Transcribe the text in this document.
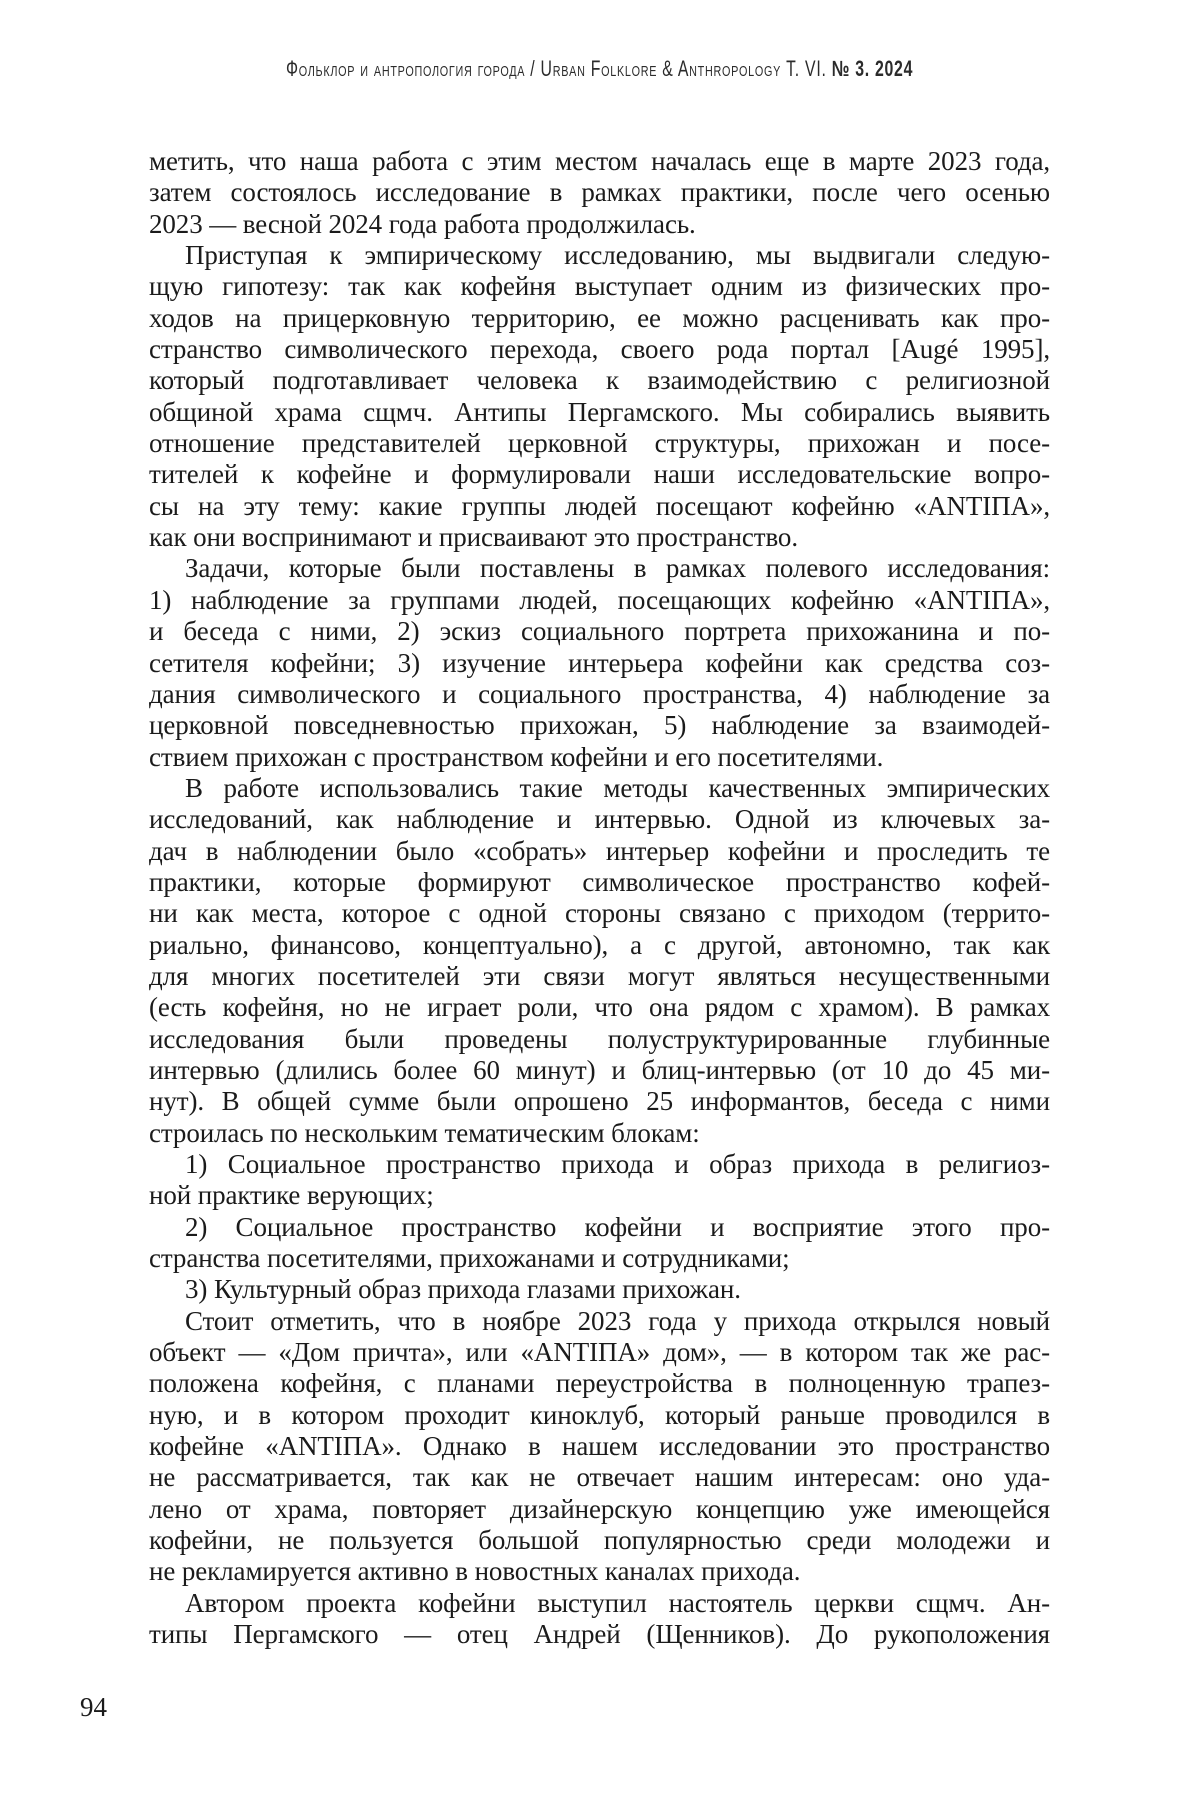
Фольклор и антропология города / Urban Folklore & Anthropology Т. VI. № 3. 2024
метить, что наша работа с этим местом началась еще в марте 2023 года,
затем состоялось исследование в рамках практики, после чего осенью
2023 — весной 2024 года работа продолжилась.
Приступая к эмпирическому исследованию, мы выдвигали следую-
щую гипотезу: так как кофейня выступает одним из физических про-
ходов на прицерковную территорию, ее можно расценивать как про-
странство символического перехода, своего рода портал [Augé 1995],
который подготавливает человека к взаимодействию с религиозной
общиной храма сщмч. Антипы Пергамского. Мы собирались выявить
отношение представителей церковной структуры, прихожан и посе-
тителей к кофейне и формулировали наши исследовательские вопро-
сы на эту тему: какие группы людей посещают кофейню «ANTIПА»,
как они воспринимают и присваивают это пространство.
Задачи, которые были поставлены в рамках полевого исследования:
1) наблюдение за группами людей, посещающих кофейню «ANTIПА»,
и беседа с ними, 2) эскиз социального портрета прихожанина и по-
сетителя кофейни; 3) изучение интерьера кофейни как средства соз-
дания символического и социального пространства, 4) наблюдение за
церковной повседневностью прихожан, 5) наблюдение за взаимодей-
ствием прихожан с пространством кофейни и его посетителями.
В работе использовались такие методы качественных эмпирических
исследований, как наблюдение и интервью. Одной из ключевых за-
дач в наблюдении было «собрать» интерьер кофейни и проследить те
практики, которые формируют символическое пространство кофей-
ни как места, которое с одной стороны связано с приходом (террито-
риально, финансово, концептуально), а с другой, автономно, так как
для многих посетителей эти связи могут являться несущественными
(есть кофейня, но не играет роли, что она рядом с храмом). В рамках
исследования были проведены полуструктурированные глубинные
интервью (длились более 60 минут) и блиц-интервью (от 10 до 45 ми-
нут). В общей сумме были опрошено 25 информантов, беседа с ними
строилась по нескольким тематическим блокам:
1) Социальное пространство прихода и образ прихода в религиоз-
ной практике верующих;
2) Социальное пространство кофейни и восприятие этого про-
странства посетителями, прихожанами и сотрудниками;
3) Культурный образ прихода глазами прихожан.
Стоит отметить, что в ноябре 2023 года у прихода открылся новый
объект — «Дом причта», или «ANTIПА» дом», — в котором так же рас-
положена кофейня, с планами переустройства в полноценную трапез-
ную, и в котором проходит киноклуб, который раньше проводился в
кофейне «ANTIПА». Однако в нашем исследовании это пространство
не рассматривается, так как не отвечает нашим интересам: оно уда-
лено от храма, повторяет дизайнерскую концепцию уже имеющейся
кофейни, не пользуется большой популярностью среди молодежи и
не рекламируется активно в новостных каналах прихода.
Автором проекта кофейни выступил настоятель церкви сщмч. Ан-
типы Пергамского — отец Андрей (Щенников). До рукоположения
94
